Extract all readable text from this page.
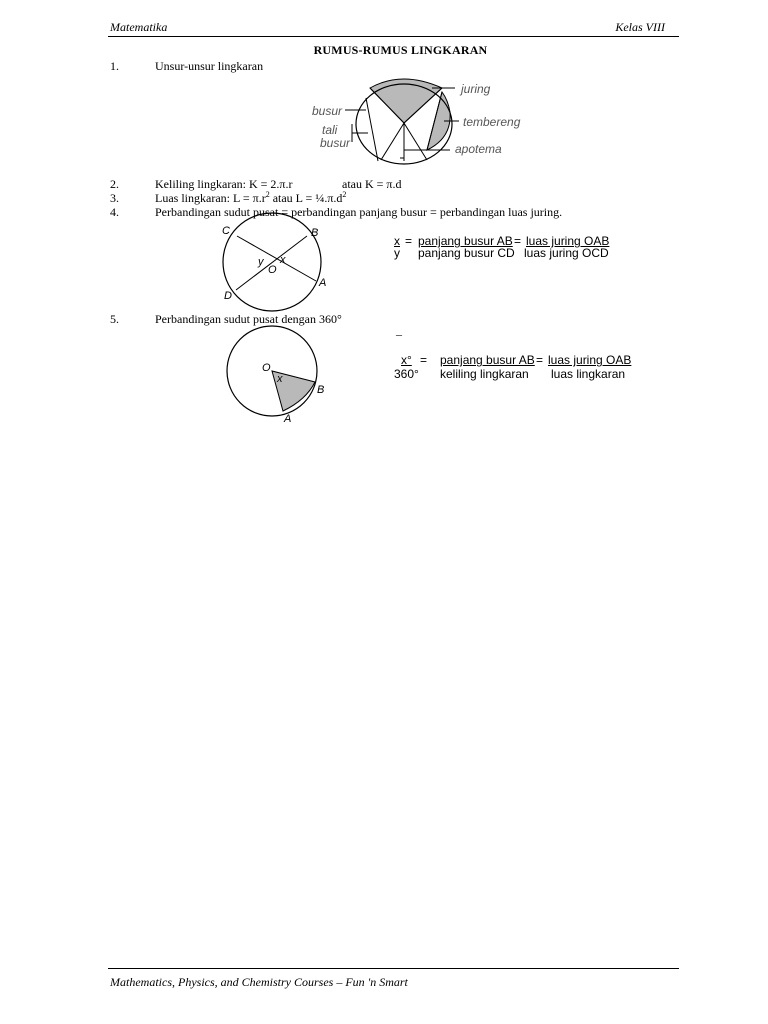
Matematika	Kelas VIII
RUMUS-RUMUS LINGKARAN
1.	Unsur-unsur lingkaran
juring
busur
tali
busur
tembereng
apotema
2.	Keliling lingkaran: K = 2.π.r	atau K = π.d
3.	Luas lingkaran: $L = \pi.r^2$ atau $L = \frac{1}{4}.\pi.d^2$
4.	Perbandingan sudut pusat = perbandingan panjang busur = perbandingan luas juring.
C	B
y x
O
D
A
x = panjang busur AB = luas juring OAB
y panjang busur CD luas juring OCD
5.	Perbandingan sudut pusat dengan 360°
–
O
x
B
A
x° = panjang busur AB = luas juring OAB
360° keliling lingkaran luas lingkaran
Mathematics, Physics, and Chemistry Courses – Fun 'n Smart
